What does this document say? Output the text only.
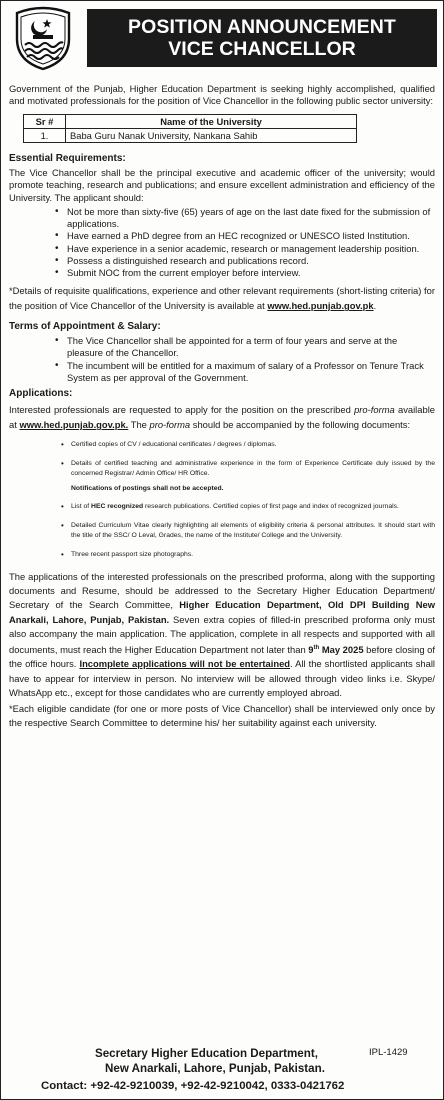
POSITION ANNOUNCEMENT
VICE CHANCELLOR

Government of the Punjab, Higher Education Department is seeking highly accomplished, qualified and motivated professionals for the position of Vice Chancellor in the following public sector university:

Sr #	Name of the University
1.	Baba Guru Nanak University, Nankana Sahib
Essential Requirements:

The Vice Chancellor shall be the principal executive and academic officer of the university; would promote teaching, research and publications; and ensure excellent administration and efficiency of the University. The applicant should:

• Not be more than sixty-five (65) years of age on the last date fixed for the submission of applications.
• Have earned a PhD degree from an HEC recognized or UNESCO listed Institution.
• Have experience in a senior academic, research or management leadership position.
• Possess a distinguished research and publications record.
• Submit NOC from the current employer before interview.

*Details of requisite qualifications, experience and other relevant requirements (short-listing criteria) for the position of Vice Chancellor of the University is available at www.hed.punjab.gov.pk.

Terms of Appointment & Salary:
• The Vice Chancellor shall be appointed for a term of four years and serve at the pleasure of the Chancellor.
• The incumbent will be entitled for a maximum of salary of a Professor on Tenure Track System as per approval of the Government.
Applications:

Interested professionals are requested to apply for the position on the prescribed pro-forma available at www.hed.punjab.gov.pk. The pro-forma should be accompanied by the following documents:

• Certified copies of CV / educational certificates / degrees / diplomas.
• Details of certified teaching and administrative experience in the form of Experience Certificate duly issued by the concerned Registrar/ Admin Office/ HR Office.
Notifications of postings shall not be accepted.
• List of HEC recognized research publications. Certified copies of first page and index of recognized journals.
• Detailed Curriculum Vitae clearly highlighting all elements of eligibility criteria & personal attributes. It should start with the title of the SSC/ O Leval, Grades, the name of the Institute/ College and the University.
• Three recent passport size photographs.

The applications of the interested professionals on the prescribed proforma, along with the supporting documents and Resume, should be addressed to the Secretary Higher Education Department/ Secretary of the Search Committee, Higher Education Department, Old DPI Building New Anarkali, Lahore, Punjab, Pakistan. Seven extra copies of filled-in prescribed proforma only must also accompany the main application. The application, complete in all respects and supported with all documents, must reach the Higher Education Department not later than 9th May 2025 before closing of the office hours. Incomplete applications will not be entertained. All the shortlisted applicants shall have to appear for interview in person. No interview will be allowed through video links i.e. Skype/ WhatsApp etc., except for those candidates who are currently employed abroad.

*Each eligible candidate (for one or more posts of Vice Chancellor) shall be interviewed only once by the respective Search Committee to determine his/ her suitability against each university.

Secretary Higher Education Department,	IPL-1429
New Anarkali, Lahore, Punjab, Pakistan.
Contact: +92-42-9210039, +92-42-9210042, 0333-0421762
